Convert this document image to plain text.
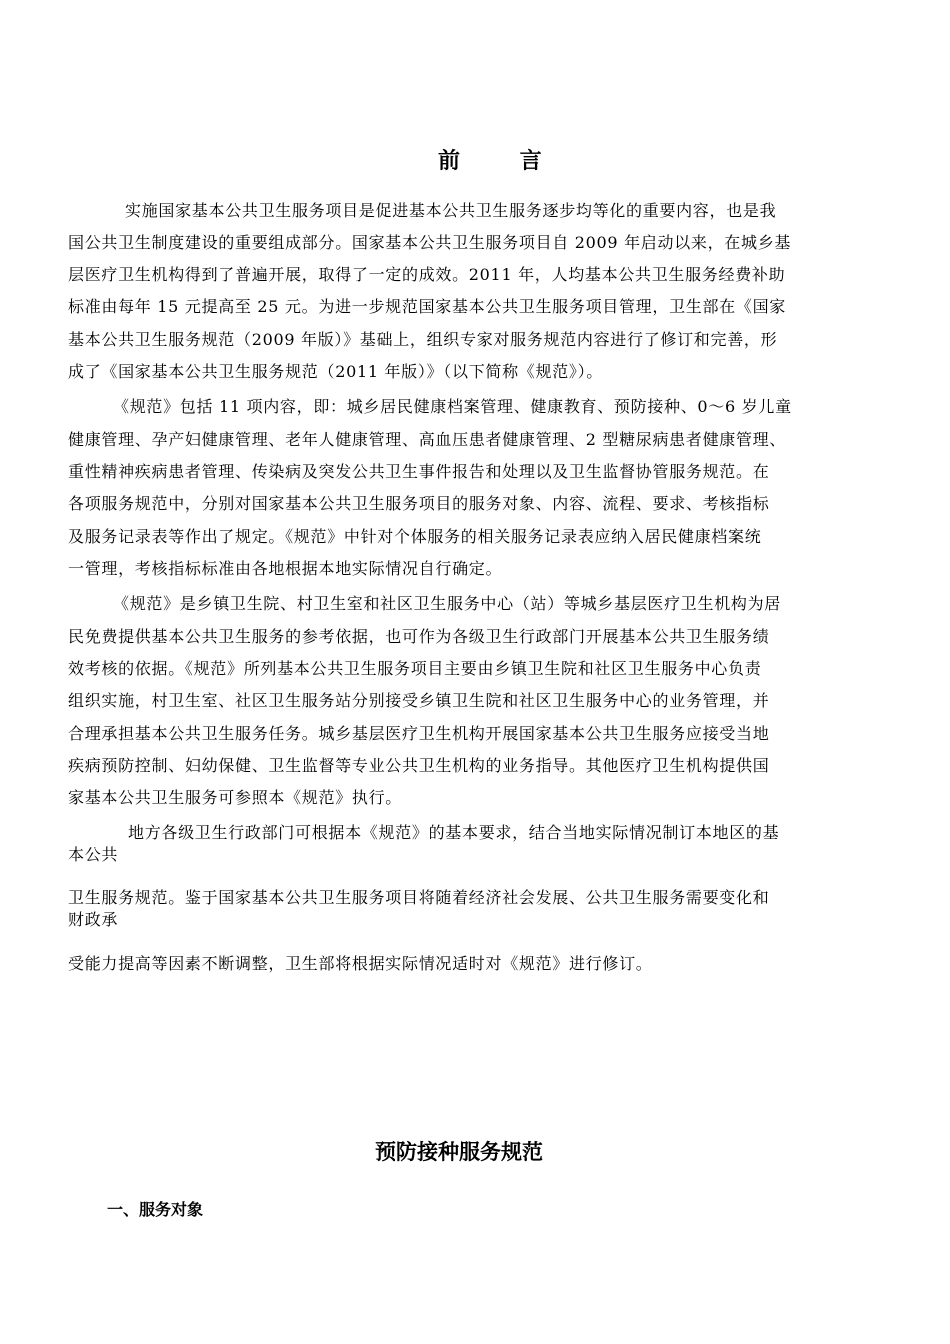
前 言
实施国家基本公共卫生服务项目是促进基本公共卫生服务逐步均等化的重要内容，也是我
国公共卫生制度建设的重要组成部分。国家基本公共卫生服务项目自 2009 年启动以来，在城乡基
层医疗卫生机构得到了普遍开展，取得了一定的成效。2011 年，人均基本公共卫生服务经费补助
标准由每年 15 元提高至 25 元。为进一步规范国家基本公共卫生服务项目管理，卫生部在《国家
基本公共卫生服务规范（2009 年版）》基础上，组织专家对服务规范内容进行了修订和完善，形
成了《国家基本公共卫生服务规范（2011 年版）》（以下简称《规范》）。
《规范》包括 11 项内容，即：城乡居民健康档案管理、健康教育、预防接种、0～6 岁儿童
健康管理、孕产妇健康管理、老年人健康管理、高血压患者健康管理、2 型糖尿病患者健康管理、
重性精神疾病患者管理、传染病及突发公共卫生事件报告和处理以及卫生监督协管服务规范。在
各项服务规范中，分别对国家基本公共卫生服务项目的服务对象、内容、流程、要求、考核指标
及服务记录表等作出了规定。《规范》中针对个体服务的相关服务记录表应纳入居民健康档案统
一管理，考核指标标准由各地根据本地实际情况自行确定。
《规范》是乡镇卫生院、村卫生室和社区卫生服务中心（站）等城乡基层医疗卫生机构为居
民免费提供基本公共卫生服务的参考依据，也可作为各级卫生行政部门开展基本公共卫生服务绩
效考核的依据。《规范》所列基本公共卫生服务项目主要由乡镇卫生院和社区卫生服务中心负责
组织实施，村卫生室、社区卫生服务站分别接受乡镇卫生院和社区卫生服务中心的业务管理，并
合理承担基本公共卫生服务任务。城乡基层医疗卫生机构开展国家基本公共卫生服务应接受当地
疾病预防控制、妇幼保健、卫生监督等专业公共卫生机构的业务指导。其他医疗卫生机构提供国
家基本公共卫生服务可参照本《规范》执行。
地方各级卫生行政部门可根据本《规范》的基本要求，结合当地实际情况制订本地区的基
本公共
卫生服务规范。鉴于国家基本公共卫生服务项目将随着经济社会发展、公共卫生服务需要变化和
财政承
受能力提高等因素不断调整，卫生部将根据实际情况适时对《规范》进行修订。
预防接种服务规范
一、服务对象
